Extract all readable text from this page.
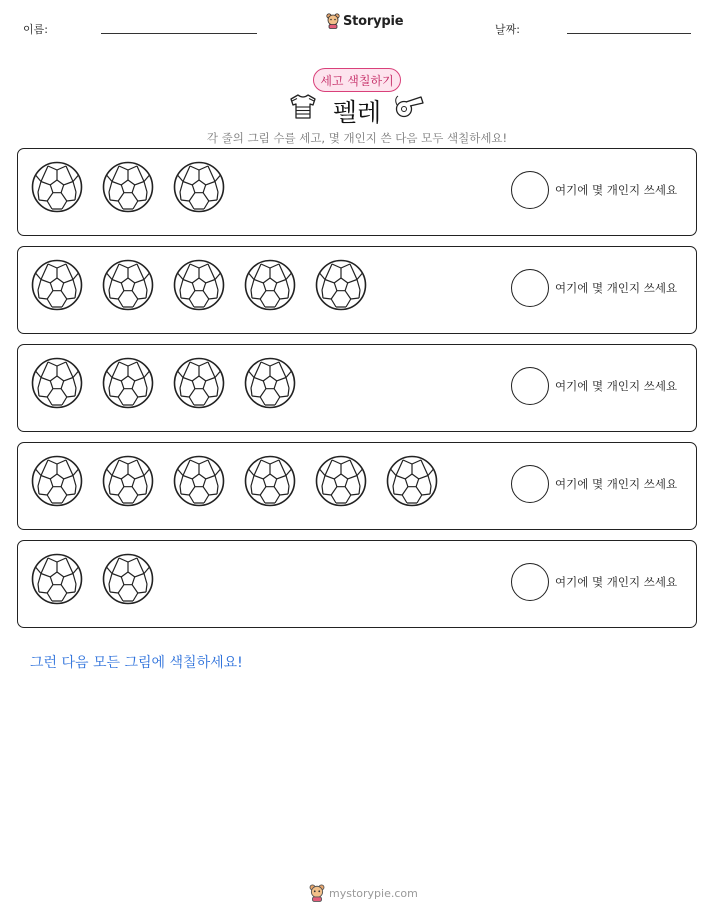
이름:
Storypie
날짜:
세고 색칠하기
펠레
각 줄의 그림 수를 세고, 몇 개인지 쓴 다음 모두 색칠하세요!
여기에 몇 개인지 쓰세요
여기에 몇 개인지 쓰세요
여기에 몇 개인지 쓰세요
여기에 몇 개인지 쓰세요
여기에 몇 개인지 쓰세요
그런 다음 모든 그림에 색칠하세요!
mystorypie.com
